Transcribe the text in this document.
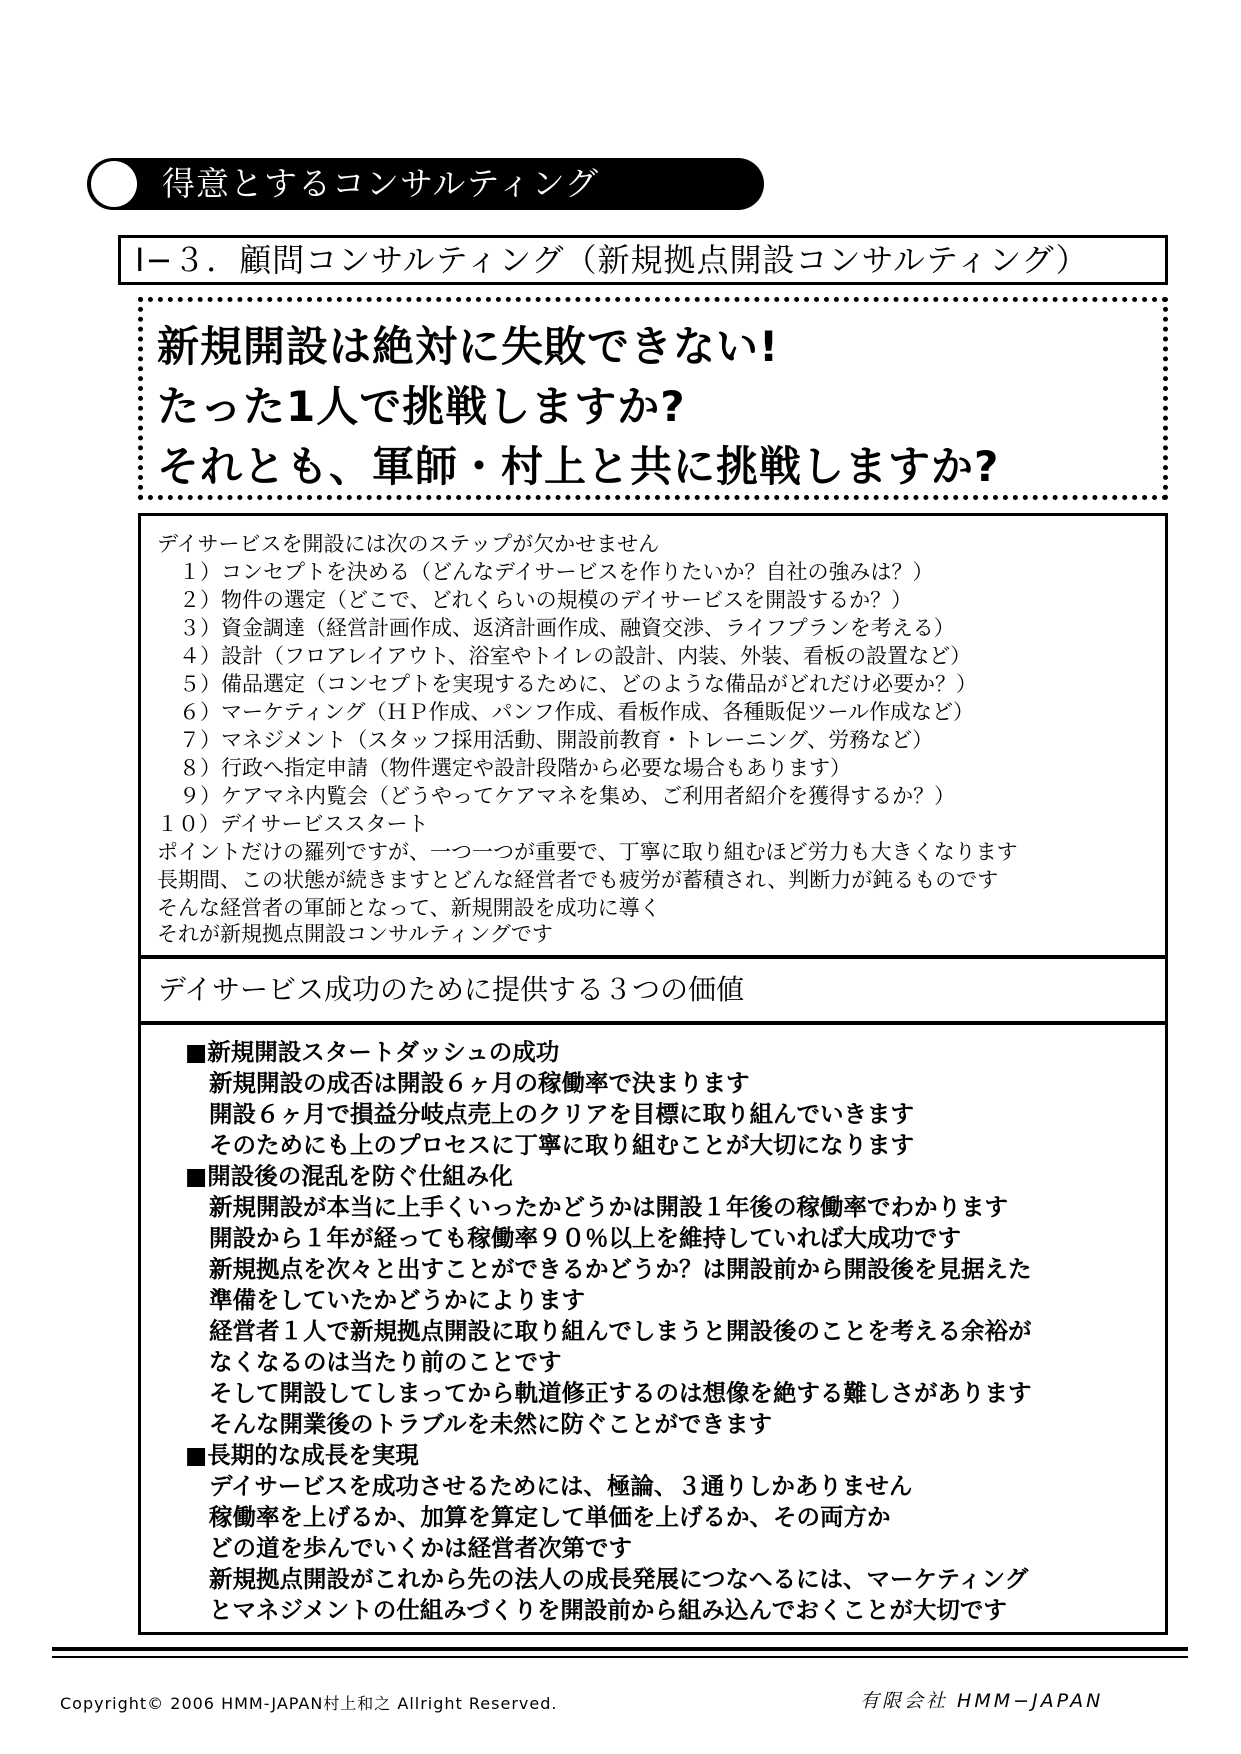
得意とするコンサルティング
Ⅰ−３．顧問コンサルティング（新規拠点開設コンサルティング）
新規開設は絶対に失敗できない!
たった1人で挑戦しますか?
それとも、軍師・村上と共に挑戦しますか?
デイサービスを開設には次のステップが欠かせません
１）コンセプトを決める（どんなデイサービスを作りたいか？自社の強みは？）
２）物件の選定（どこで、どれくらいの規模のデイサービスを開設するか？）
３）資金調達（経営計画作成、返済計画作成、融資交渉、ライフプランを考える）
４）設計（フロアレイアウト、浴室やトイレの設計、内装、外装、看板の設置など）
５）備品選定（コンセプトを実現するために、どのような備品がどれだけ必要か？）
６）マーケティング（ＨＰ作成、パンフ作成、看板作成、各種販促ツール作成など）
７）マネジメント（スタッフ採用活動、開設前教育・トレーニング、労務など）
８）行政へ指定申請（物件選定や設計段階から必要な場合もあります）
９）ケアマネ内覧会（どうやってケアマネを集め、ご利用者紹介を獲得するか？）
１０）デイサービススタート
ポイントだけの羅列ですが、一つ一つが重要で、丁寧に取り組むほど労力も大きくなります
長期間、この状態が続きますとどんな経営者でも疲労が蓄積され、判断力が鈍るものです
そんな経営者の軍師となって、新規開設を成功に導く
それが新規拠点開設コンサルティングです
デイサービス成功のために提供する３つの価値
■新規開設スタートダッシュの成功
新規開設の成否は開設６ヶ月の稼働率で決まります
開設６ヶ月で損益分岐点売上のクリアを目標に取り組んでいきます
そのためにも上のプロセスに丁寧に取り組むことが大切になります
■開設後の混乱を防ぐ仕組み化
新規開設が本当に上手くいったかどうかは開設１年後の稼働率でわかります
開設から１年が経っても稼働率９０％以上を維持していれば大成功です
新規拠点を次々と出すことができるかどうか？は開設前から開設後を見据えた
準備をしていたかどうかによります
経営者１人で新規拠点開設に取り組んでしまうと開設後のことを考える余裕が
なくなるのは当たり前のことです
そして開設してしまってから軌道修正するのは想像を絶する難しさがあります
そんな開業後のトラブルを未然に防ぐことができます
■長期的な成長を実現
デイサービスを成功させるためには、極論、３通りしかありません
稼働率を上げるか、加算を算定して単価を上げるか、その両方か
どの道を歩んでいくかは経営者次第です
新規拠点開設がこれから先の法人の成長発展につなへるには、マーケティング
とマネジメントの仕組みづくりを開設前から組み込んでおくことが大切です
Copyright© 2006 HMM-JAPAN村上和之 Allright Reserved.	有限会社 HMM−JAPAN
